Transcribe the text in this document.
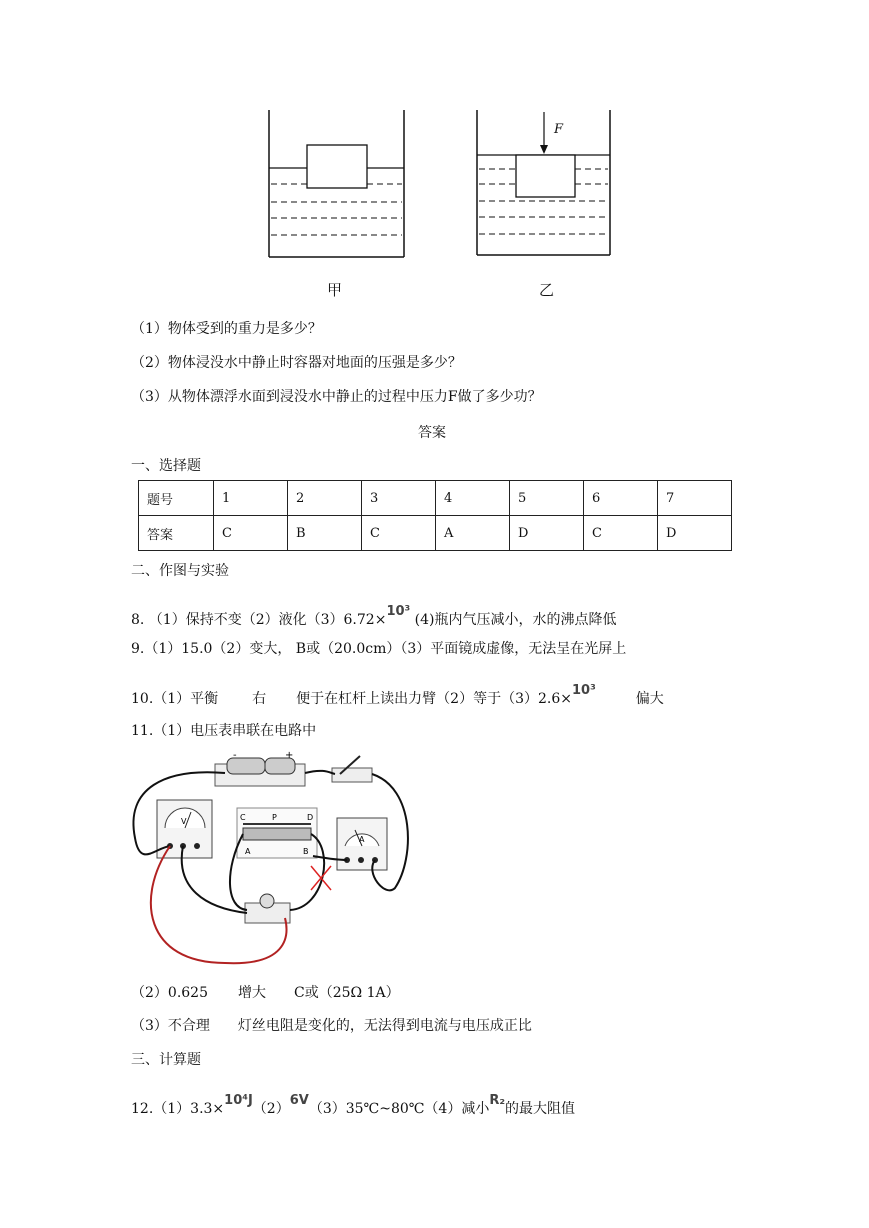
F
甲	乙
（1）物体受到的重力是多少？
（2）物体浸没水中静止时容器对地面的压强是多少？
（3）从物体漂浮水面到浸没水中静止的过程中压力F做了多少功？
答案
一、选择题
题号	1	2	3	4	5	6	7
答案	C	B	C	A	D	C	D
二、作图与实验
8. （1）保持不变（2）液化（3）6.72×10³ (4)瓶内气压减小，水的沸点降低
9.（1）15.0（2）变大， B或（20.0cm）（3）平面镜成虚像，无法呈在光屏上
10.（1）平衡 右 便于在杠杆上读出力臂（2）等于（3）2.6×10³偏大
11.（1）电压表串联在电路中
-	+
V	C	P	D
A	B
A
（2）0.625 增大 C或（25Ω 1A）
（3）不合理 灯丝电阻是变化的，无法得到电流与电压成正比
三、计算题
12.（1）3.3×10⁴J（2）6V（3）35℃~80℃（4）减小R₂的最大阻值
